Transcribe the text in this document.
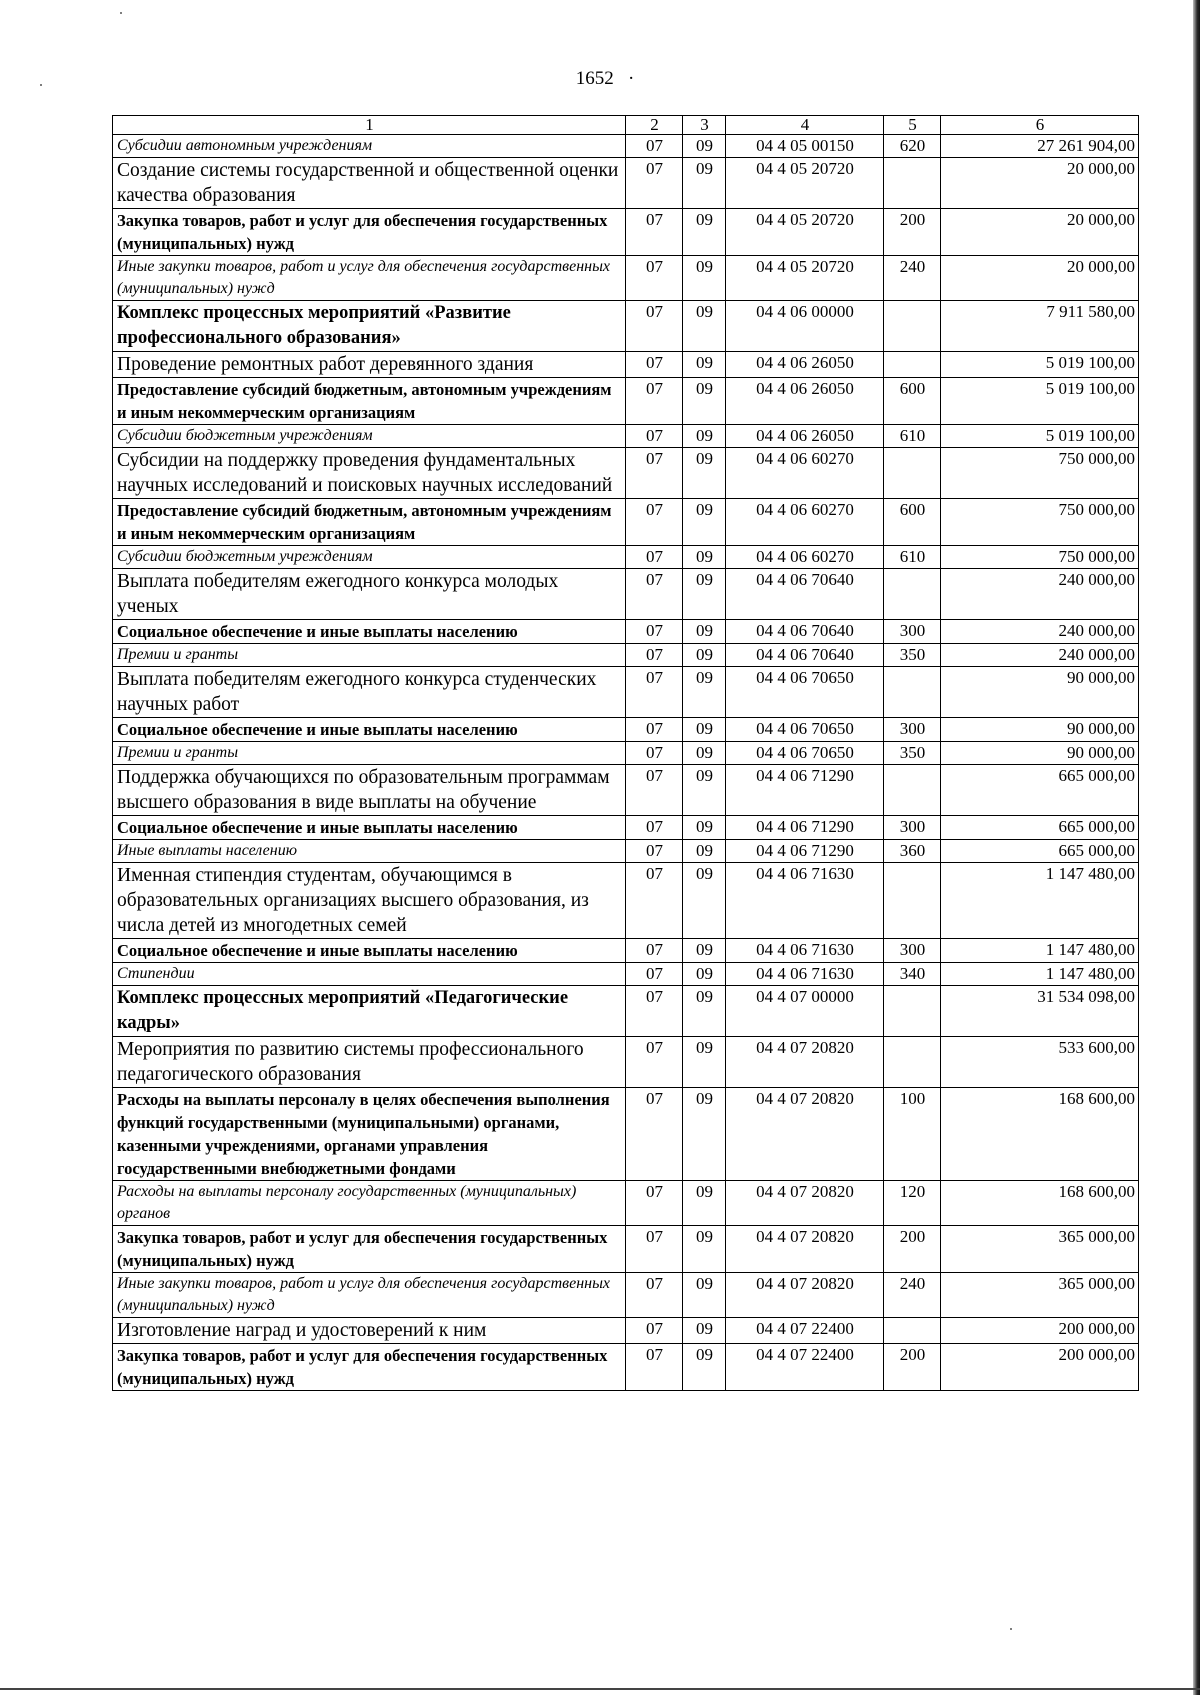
1652   ·
1	2	3	4	5	6
Субсидии автономным учреждениям	07	09	04 4 05 00150	620	27 261 904,00
Создание системы государственной и общественной оценки качества образования	07	09	04 4 05 20720		20 000,00
Закупка товаров, работ и услуг для обеспечения государственных (муниципальных) нужд	07	09	04 4 05 20720	200	20 000,00
Иные закупки товаров, работ и услуг для обеспечения государственных (муниципальных) нужд	07	09	04 4 05 20720	240	20 000,00
Комплекс процессных мероприятий «Развитие профессионального образования»	07	09	04 4 06 00000		7 911 580,00
Проведение ремонтных работ деревянного здания	07	09	04 4 06 26050		5 019 100,00
Предоставление субсидий бюджетным, автономным учреждениям и иным некоммерческим организациям	07	09	04 4 06 26050	600	5 019 100,00
Субсидии бюджетным учреждениям	07	09	04 4 06 26050	610	5 019 100,00
Субсидии на поддержку проведения фундаментальных научных исследований и поисковых научных исследований	07	09	04 4 06 60270		750 000,00
Предоставление субсидий бюджетным, автономным учреждениям и иным некоммерческим организациям	07	09	04 4 06 60270	600	750 000,00
Субсидии бюджетным учреждениям	07	09	04 4 06 60270	610	750 000,00
Выплата победителям ежегодного конкурса молодых ученых	07	09	04 4 06 70640		240 000,00
Социальное обеспечение и иные выплаты населению	07	09	04 4 06 70640	300	240 000,00
Премии и гранты	07	09	04 4 06 70640	350	240 000,00
Выплата победителям ежегодного конкурса студенческих научных работ	07	09	04 4 06 70650		90 000,00
Социальное обеспечение и иные выплаты населению	07	09	04 4 06 70650	300	90 000,00
Премии и гранты	07	09	04 4 06 70650	350	90 000,00
Поддержка обучающихся по образовательным программам высшего образования в виде выплаты на обучение	07	09	04 4 06 71290		665 000,00
Социальное обеспечение и иные выплаты населению	07	09	04 4 06 71290	300	665 000,00
Иные выплаты населению	07	09	04 4 06 71290	360	665 000,00
Именная стипендия студентам, обучающимся в образовательных организациях высшего образования, из числа детей из многодетных семей	07	09	04 4 06 71630		1 147 480,00
Социальное обеспечение и иные выплаты населению	07	09	04 4 06 71630	300	1 147 480,00
Стипендии	07	09	04 4 06 71630	340	1 147 480,00
Комплекс процессных мероприятий «Педагогические кадры»	07	09	04 4 07 00000		31 534 098,00
Мероприятия по развитию системы профессионального педагогического образования	07	09	04 4 07 20820		533 600,00
Расходы на выплаты персоналу в целях обеспечения выполнения функций государственными (муниципальными) органами, казенными учреждениями, органами управления государственными внебюджетными фондами	07	09	04 4 07 20820	100	168 600,00
Расходы на выплаты персоналу государственных (муниципальных) органов	07	09	04 4 07 20820	120	168 600,00
Закупка товаров, работ и услуг для обеспечения государственных (муниципальных) нужд	07	09	04 4 07 20820	200	365 000,00
Иные закупки товаров, работ и услуг для обеспечения государственных (муниципальных) нужд	07	09	04 4 07 20820	240	365 000,00
Изготовление наград и удостоверений к ним	07	09	04 4 07 22400		200 000,00
Закупка товаров, работ и услуг для обеспечения государственных (муниципальных) нужд	07	09	04 4 07 22400	200	200 000,00
